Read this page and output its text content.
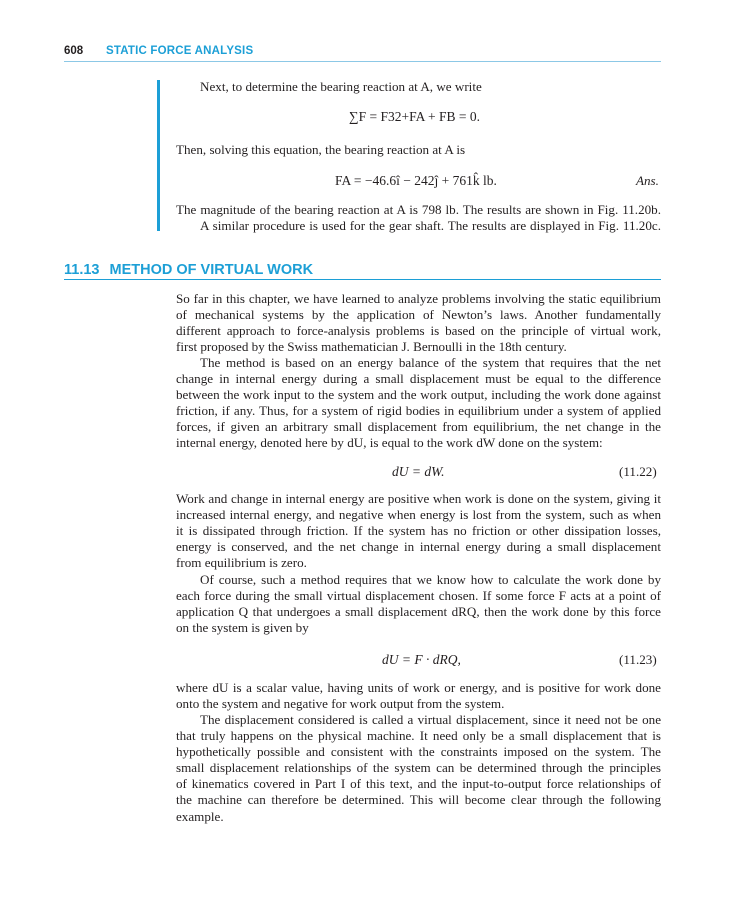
608 STATIC FORCE ANALYSIS
Next, to determine the bearing reaction at A, we write
∑F = F32+FA + FB = 0.
Then, solving this equation, the bearing reaction at A is
FA = −46.6î − 242ĵ + 761k̂ lb.	Ans.
The magnitude of the bearing reaction at A is 798 lb. The results are shown in Fig. 11.20b.
A similar procedure is used for the gear shaft. The results are displayed in Fig. 11.20c.
11.13 METHOD OF VIRTUAL WORK
So far in this chapter, we have learned to analyze problems involving the static equilibrium
of mechanical systems by the application of Newton’s laws. Another fundamentally
different approach to force-analysis problems is based on the principle of virtual work,
first proposed by the Swiss mathematician J. Bernoulli in the 18th century.
The method is based on an energy balance of the system that requires that the net
change in internal energy during a small displacement must be equal to the difference
between the work input to the system and the work output, including the work done against
friction, if any. Thus, for a system of rigid bodies in equilibrium under a system of applied
forces, if given an arbitrary small displacement from equilibrium, the net change in the
internal energy, denoted here by dU, is equal to the work dW done on the system:
dU = dW.	(11.22)
Work and change in internal energy are positive when work is done on the system, giving it
increased internal energy, and negative when energy is lost from the system, such as when
it is dissipated through friction. If the system has no friction or other dissipation losses,
energy is conserved, and the net change in internal energy during a small displacement
from equilibrium is zero.
Of course, such a method requires that we know how to calculate the work done by
each force during the small virtual displacement chosen. If some force F acts at a point of
application Q that undergoes a small displacement dRQ, then the work done by this force
on the system is given by
dU = F · dRQ,	(11.23)
where dU is a scalar value, having units of work or energy, and is positive for work done
onto the system and negative for work output from the system.
The displacement considered is called a virtual displacement, since it need not be one
that truly happens on the physical machine. It need only be a small displacement that is
hypothetically possible and consistent with the constraints imposed on the system. The
small displacement relationships of the system can be determined through the principles
of kinematics covered in Part I of this text, and the input-to-output force relationships of
the machine can therefore be determined. This will become clear through the following
example.
